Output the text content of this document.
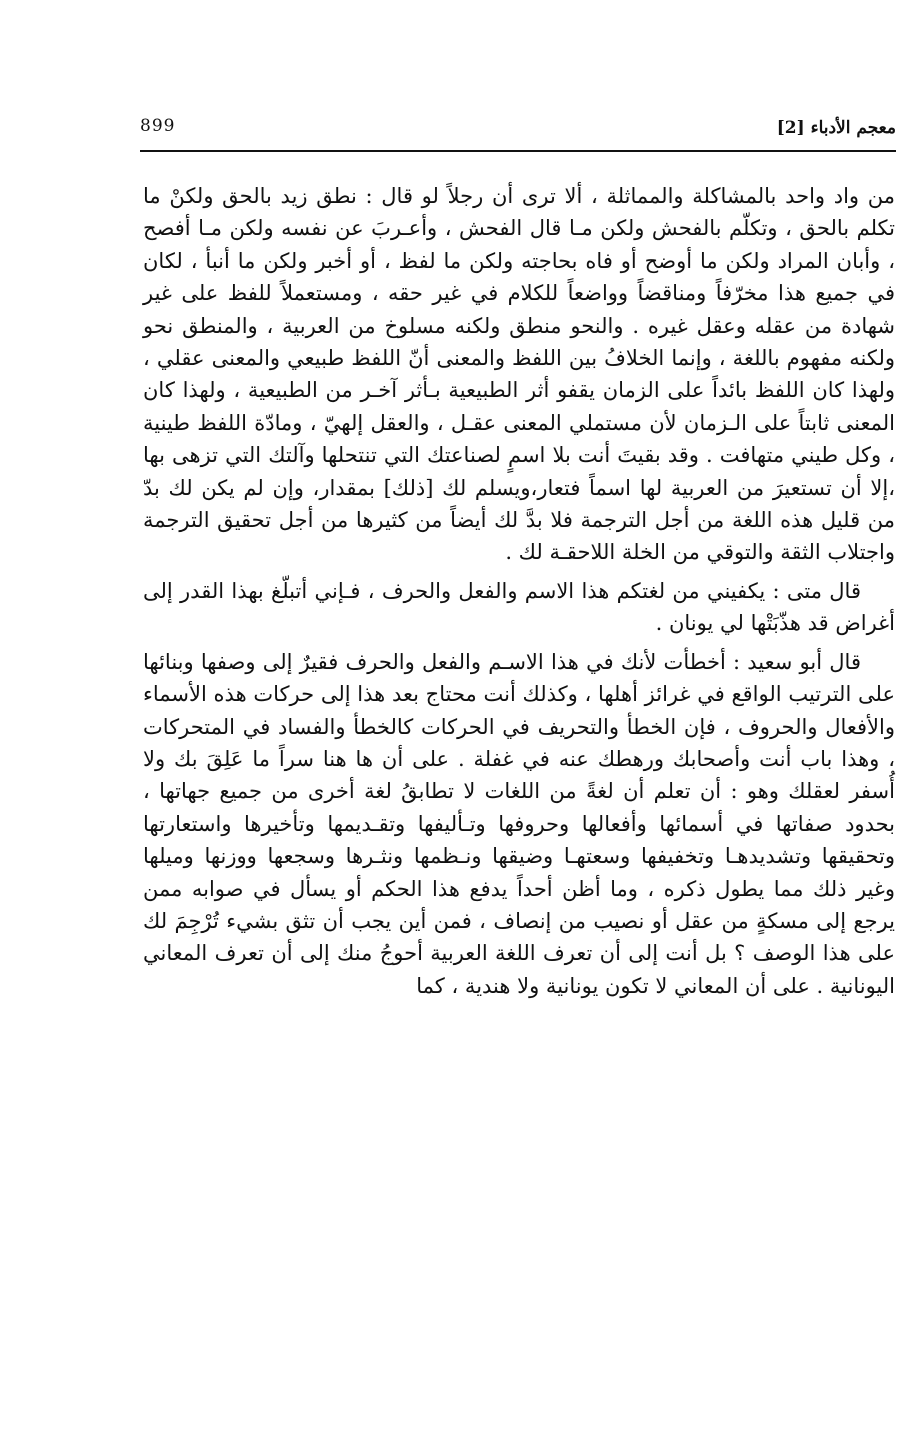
899	معجم الأدباء [2]

من واد واحد بالمشاكلة والمماثلة ، ألا ترى أن رجلاً لو قال : نطق زيد بالحق ولكنْ ما تكلم بالحق ، وتكلّم بالفحش ولكن مـا قال الفحش ، وأعـربَ عن نفسه ولكن مـا أفصح ، وأبان المراد ولكن ما أوضح أو فاه بحاجته ولكن ما لفظ ، أو أخبر ولكن ما أنبأ ، لكان في جميع هذا مخرّفاً ومناقضاً وواضعاً للكلام في غير حقه ، ومستعملاً للفظ على غير شهادة من عقله وعقل غيره . والنحو منطق ولكنه مسلوخ من العربية ، والمنطق نحو ولكنه مفهوم باللغة ، وإنما الخلافُ بين اللفظ والمعنى أنّ اللفظ طبيعي والمعنى عقلي ، ولهذا كان اللفظ بائداً على الزمان يقفو أثر الطبيعية بـأثر آخـر من الطبيعية ، ولهذا كان المعنى ثابتاً على الـزمان لأن مستملي المعنى عقـل ، والعقل إلهيّ ، ومادّة اللفظ طينية ، وكل طيني متهافت . وقد بقيتَ أنت بلا اسمٍ لصناعتك التي تنتحلها وآلتك التي تزهى بها ،إلا أن تستعيرَ من العربية لها اسماً فتعار،ويسلم لك [ذلك] بمقدار، وإن لم يكن لك بدّ من قليل هذه اللغة من أجل الترجمة فلا بدَّ لك أيضاً من كثيرها من أجل تحقيق الترجمة واجتلاب الثقة والتوقي من الخلة اللاحقـة لك .

قال متى : يكفيني من لغتكم هذا الاسم والفعل والحرف ، فـإني أتبلّغ بهذا القدر إلى أغراض قد هذّبَتْها لي يونان .

قال أبو سعيد : أخطأت لأنك في هذا الاسـم والفعل والحرف فقيرٌ إلى وصفها وبنائها على الترتيب الواقع في غرائز أهلها ، وكذلك أنت محتاج بعد هذا إلى حركات هذه الأسماء والأفعال والحروف ، فإن الخطأ والتحريف في الحركات كالخطأ والفساد في المتحركات ، وهذا باب أنت وأصحابك ورهطك عنه في غفلة . على أن ها هنا سراً ما عَلِقَ بك ولا أُسفر لعقلك وهو : أن تعلم أن لغةً من اللغات لا تطابقُ لغة أخرى من جميع جهاتها ، بحدود صفاتها في أسمائها وأفعالها وحروفها وتـأليفها وتقـديمها وتأخيرها واستعارتها وتحقيقها وتشديدهـا وتخفيفها وسعتهـا وضيقها ونـظمها ونثـرها وسجعها ووزنها وميلها وغير ذلك مما يطول ذكره ، وما أظن أحداً يدفع هذا الحكم أو يسأل في صوابه ممن يرجع إلى مسكةٍ من عقل أو نصيب من إنصاف ، فمن أين يجب أن تثق بشيء تُرْجِمَ لك على هذا الوصف ؟ بل أنت إلى أن تعرف اللغة العربية أحوجُ منك إلى أن تعرف المعاني اليونانية . على أن المعاني لا تكون يونانية ولا هندية ، كما
